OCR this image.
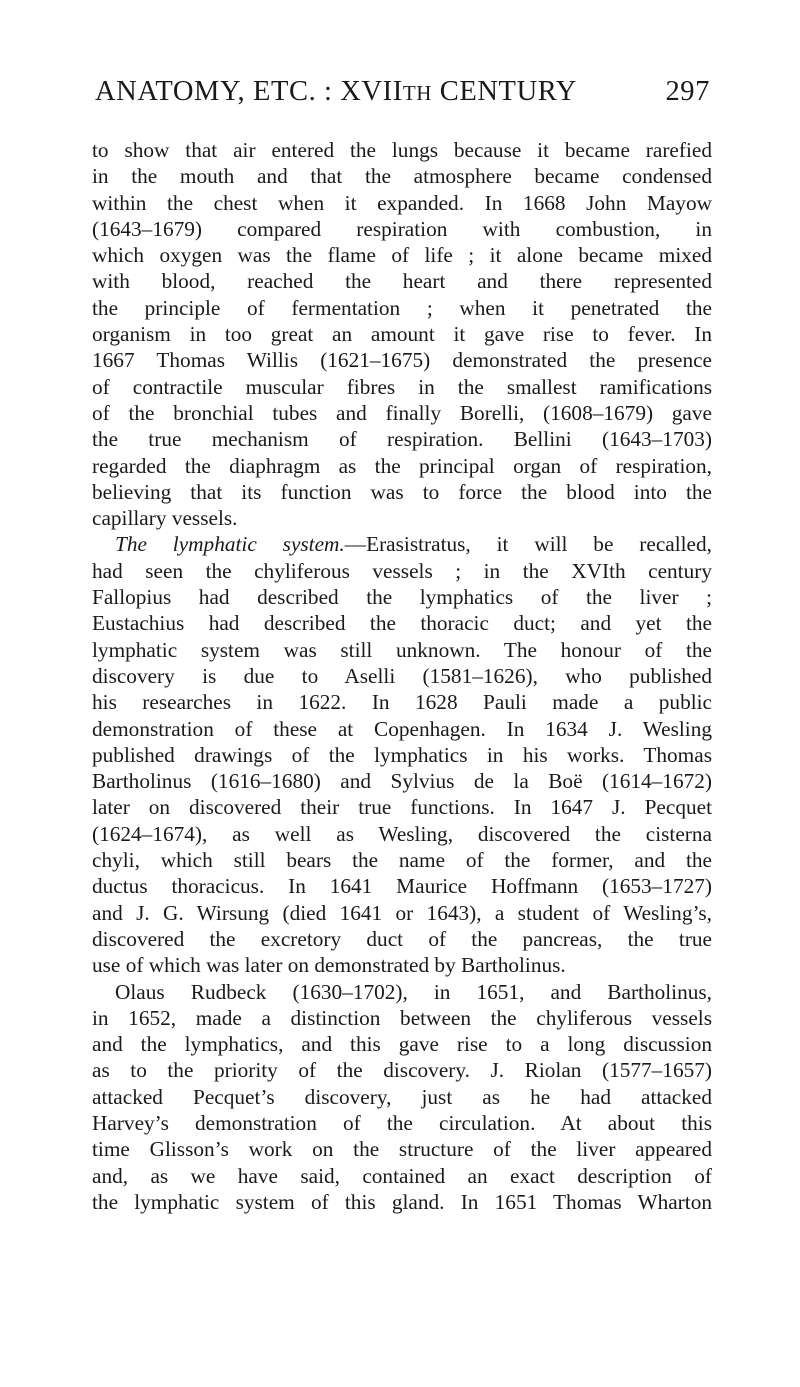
ANATOMY, ETC. : XVIITH CENTURY	297
to show that air entered the lungs because it became rarefied
in the mouth and that the atmosphere became condensed
within the chest when it expanded. In 1668 John Mayow
(1643–1679) compared respiration with combustion, in
which oxygen was the flame of life ; it alone became mixed
with blood, reached the heart and there represented
the principle of fermentation ; when it penetrated the
organism in too great an amount it gave rise to fever. In
1667 Thomas Willis (1621–1675) demonstrated the presence
of contractile muscular fibres in the smallest ramifications
of the bronchial tubes and finally Borelli, (1608–1679) gave
the true mechanism of respiration. Bellini (1643–1703)
regarded the diaphragm as the principal organ of respiration,
believing that its function was to force the blood into the
capillary vessels.
The lymphatic system.—Erasistratus, it will be recalled,
had seen the chyliferous vessels ; in the XVIth century
Fallopius had described the lymphatics of the liver ;
Eustachius had described the thoracic duct; and yet the
lymphatic system was still unknown. The honour of the
discovery is due to Aselli (1581–1626), who published
his researches in 1622. In 1628 Pauli made a public
demonstration of these at Copenhagen. In 1634 J. Wesling
published drawings of the lymphatics in his works. Thomas
Bartholinus (1616–1680) and Sylvius de la Boë (1614–1672)
later on discovered their true functions. In 1647 J. Pecquet
(1624–1674), as well as Wesling, discovered the cisterna
chyli, which still bears the name of the former, and the
ductus thoracicus. In 1641 Maurice Hoffmann (1653–1727)
and J. G. Wirsung (died 1641 or 1643), a student of Wesling’s,
discovered the excretory duct of the pancreas, the true
use of which was later on demonstrated by Bartholinus.
Olaus Rudbeck (1630–1702), in 1651, and Bartholinus,
in 1652, made a distinction between the chyliferous vessels
and the lymphatics, and this gave rise to a long discussion
as to the priority of the discovery. J. Riolan (1577–1657)
attacked Pecquet’s discovery, just as he had attacked
Harvey’s demonstration of the circulation. At about this
time Glisson’s work on the structure of the liver appeared
and, as we have said, contained an exact description of
the lymphatic system of this gland. In 1651 Thomas Wharton
